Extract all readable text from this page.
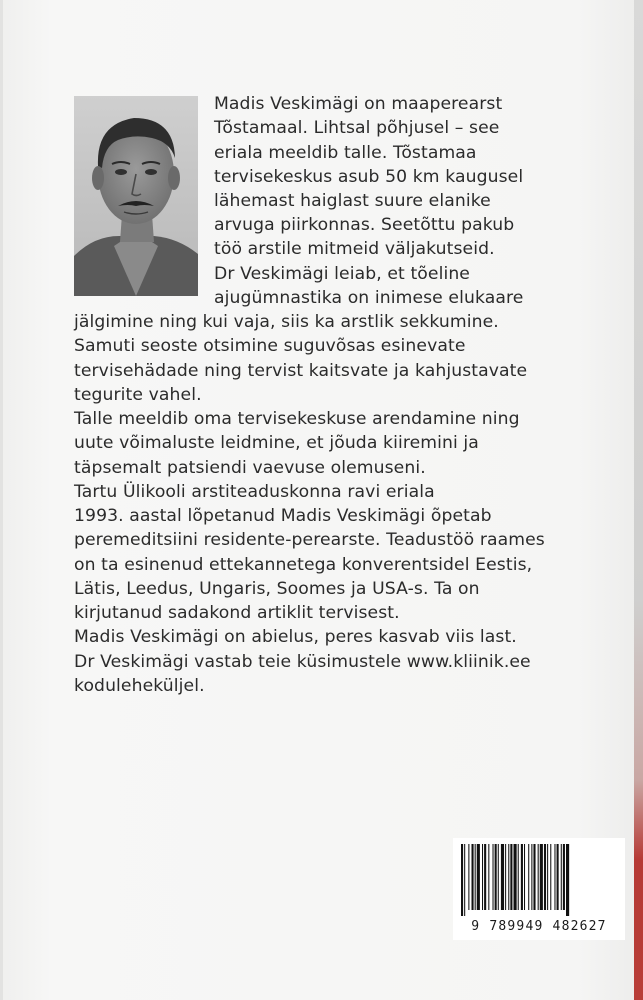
Madis Veskimägi on maaperearst
Tõstamaal. Lihtsal põhjusel – see
eriala meeldib talle. Tõstamaa
tervisekeskus asub 50 km kaugusel
lähemast haiglast suure elanike
arvuga piirkonnas. Seetõttu pakub
töö arstile mitmeid väljakutseid.
Dr Veskimägi leiab, et tõeline
ajugümnastika on inimese elukaare
jälgimine ning kui vaja, siis ka arstlik sekkumine.
Samuti seoste otsimine suguvõsas esinevate
tervisehädade ning tervist kaitsvate ja kahjustavate
tegurite vahel.
Talle meeldib oma tervisekeskuse arendamine ning
uute võimaluste leidmine, et jõuda kiiremini ja
täpsemalt patsiendi vaevuse olemuseni.
Tartu Ülikooli arstiteaduskonna ravi eriala
1993. aastal lõpetanud Madis Veskimägi õpetab
peremeditsiini residente-perearste. Teadustöö raames
on ta esinenud ettekannetega konverentsidel Eestis,
Lätis, Leedus, Ungaris, Soomes ja USA-s. Ta on
kirjutanud sadakond artiklit tervisest.
Madis Veskimägi on abielus, peres kasvab viis last.
Dr Veskimägi vastab teie küsimustele www.kliinik.ee
koduleheküljel.
9 789949 482627
